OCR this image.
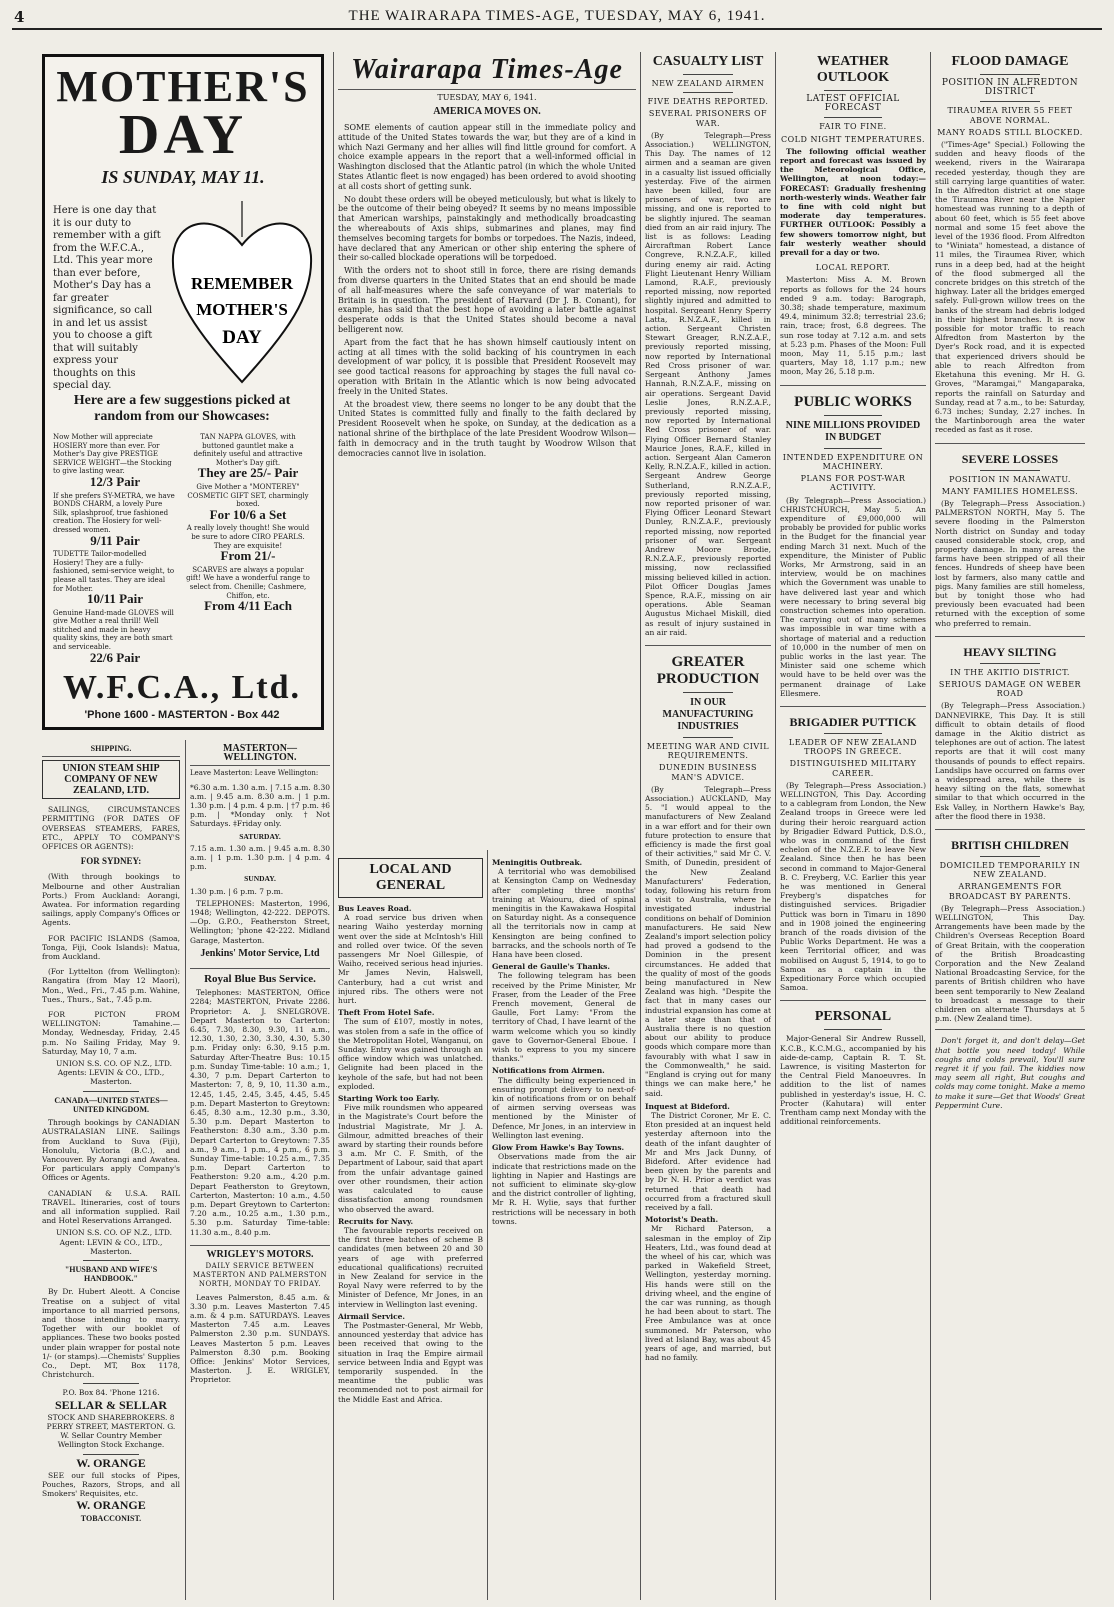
4	THE WAIRARAPA TIMES-AGE, TUESDAY, MAY 6, 1941.
MOTHER'S
DAY
IS SUNDAY, MAY 11.
Here is one day that it is our duty to remember with a gift from the W.F.C.A., Ltd. This year more than ever before, Mother's Day has a far greater significance, so call in and let us assist you to choose a gift that will suitably express your thoughts on this special day.
REMEMBER
MOTHER'S
DAY
Here are a few suggestions picked at random from our Showcases:
Now Mother will appreciate HOSIERY more than ever. For Mother's Day give PRESTIGE SERVICE WEIGHT—the Stocking to give lasting wear.
12/3 Pair
If she prefers SY-METRA, we have BONDS CHARM, a lovely Pure Silk, splashproof, true fashioned creation. The Hosiery for well-dressed women.
9/11 Pair
TUDETTE Tailor-modelled Hosiery! They are a fully-fashioned, semi-service weight, to please all tastes. They are ideal for Mother.
10/11 Pair
Genuine Hand-made GLOVES will give Mother a real thrill! Well stitched and made in heavy quality skins, they are both smart and serviceable.
22/6 Pair
TAN NAPPA GLOVES, with buttoned gauntlet make a definitely useful and attractive Mother's Day gift.
They are 25/- Pair
Give Mother a "MONTEREY" COSMETIC GIFT SET, charmingly boxed.
For 10/6 a Set
A really lovely thought! She would be sure to adore CIRO PEARLS. They are exquisite!
From 21/-
SCARVES are always a popular gift! We have a wonderful range to select from. Chenille; Cashmere, Chiffon, etc.
From 4/11 Each
W.F.C.A., Ltd.
'Phone 1600 - MASTERTON - Box 442
SHIPPING.
UNION STEAM SHIP COMPANY OF NEW ZEALAND, LTD.

SAILINGS, CIRCUMSTANCES PERMITTING (FOR DATES OF OVERSEAS STEAMERS, FARES, ETC., APPLY TO COMPANY'S OFFICES OR AGENTS):

FOR SYDNEY:

(With through bookings to Melbourne and other Australian Ports.) From Auckland: Aorangi, Awatea. For information regarding sailings, apply Company's Offices or Agents.

FOR PACIFIC ISLANDS (Samoa, Tonga, Fiji, Cook Islands): Matua, from Auckland.

(For Lyttelton (from Wellington): Rangatira (from May 12 Maori), Mon., Wed., Fri., 7.45 p.m. Wahine, Tues., Thurs., Sat., 7.45 p.m.

FOR PICTON FROM WELLINGTON: Tamahine.—Monday, Wednesday, Friday, 2.45 p.m. No Sailing Friday, May 9. Saturday, May 10, 7 a.m.

UNION S.S. CO. OF N.Z., LTD. Agents: LEVIN & CO., LTD., Masterton.

CANADA—UNITED STATES—UNITED KINGDOM.

Through bookings by CANADIAN AUSTRALASIAN LINE. Sailings from Auckland to Suva (Fiji), Honolulu, Victoria (B.C.), and Vancouver. By Aorangi and Awatea. For particulars apply Company's Offices or Agents.

CANADIAN & U.S.A. RAIL TRAVEL. Itineraries, cost of tours and all information supplied. Rail and Hotel Reservations Arranged.

UNION S.S. CO. OF N.Z., LTD. Agent: LEVIN & CO., LTD., Masterton.

"HUSBAND AND WIFE'S HANDBOOK."

By Dr. Hubert Aleott. A Concise Treatise on a subject of vital importance to all married persons, and those intending to marry. Together with our booklet of appliances. These two books posted under plain wrapper for postal note 1/- (or stamps).—Chemists' Supplies Co., Dept. MT, Box 1178, Christchurch.

P.O. Box 84. 'Phone 1216.
SELLAR & SELLAR

STOCK AND SHAREBROKERS. 8 PERRY STREET, MASTERTON. G. W. Sellar Country Member Wellington Stock Exchange.

W. ORANGE

SEE our full stocks of Pipes, Pouches, Razors, Strops, and all Smokers' Requisites, etc.

W. ORANGE
TOBACCONIST.
MASTERTON—WELLINGTON.
Leave Masterton: Leave Wellington:

*6.30 a.m. 1.30 a.m. | 7.15 a.m. 8.30 a.m. | 9.45 a.m. 8.30 a.m. | 1 p.m. 1.30 p.m. | 4 p.m. 4 p.m. | †7 p.m. ‡6 p.m. | *Monday only. †Not Saturdays. ‡Friday only.

SATURDAY.

7.15 a.m. 1.30 a.m. | 9.45 a.m. 8.30 a.m. | 1 p.m. 1.30 p.m. | 4 p.m. 4 p.m.

SUNDAY.

1.30 p.m. | 6 p.m. 7 p.m.

TELEPHONES: Masterton, 1996, 1948; Wellington, 42-222. DEPOTS.—Op. G.P.O., Featherston Street, Wellington; 'phone 42-222. Midland Garage, Masterton.

Jenkins' Motor Service, Ltd
Royal Blue Bus Service.

Telephones: MASTERTON, Office 2284; MASTERTON, Private 2286. Proprietor: A. J. SNELGROVE. Depart Masterton to Carterton: 6.45, 7.30, 8.30, 9.30, 11 a.m., 12.30, 1.30, 2.30, 3.30, 4.30, 5.30 p.m. Friday only: 6.30, 9.15 p.m. Saturday After-Theatre Bus: 10.15 p.m. Sunday Time-table: 10 a.m.; 1, 4.30, 7 p.m. Depart Carterton to Masterton: 7, 8, 9, 10, 11.30 a.m., 12.45, 1.45, 2.45, 3.45, 4.45, 5.45 p.m. Depart Masterton to Greytown: 6.45, 8.30 a.m., 12.30 p.m., 3.30, 5.30 p.m. Depart Masterton to Featherston: 8.30 a.m., 3.30 p.m. Depart Carterton to Greytown: 7.35 a.m., 9 a.m., 1 p.m., 4 p.m., 6 p.m. Sunday Time-table: 10.25 a.m., 7.35 p.m. Depart Carterton to Featherston: 9.20 a.m., 4.20 p.m. Depart Featherston to Greytown, Carterton, Masterton: 10 a.m., 4.50 p.m. Depart Greytown to Carterton: 7.20 a.m., 10.25 a.m., 1.30 p.m., 5.30 p.m. Saturday Time-table: 11.30 a.m., 8.40 p.m.

WRIGLEY'S MOTORS.
DAILY SERVICE BETWEEN MASTERTON AND PALMERSTON NORTH, MONDAY TO FRIDAY.

Leaves Palmerston, 8.45 a.m. & 3.30 p.m. Leaves Masterton 7.45 a.m. & 4 p.m. SATURDAYS. Leaves Masterton 7.45 a.m. Leaves Palmerston 2.30 p.m. SUNDAYS. Leaves Masterton 5 p.m. Leaves Palmerston 8.30 p.m. Booking Office: Jenkins' Motor Services, Masterton. J. E. WRIGLEY, Proprietor.

Wairarapa Times-Age
TUESDAY, MAY 6, 1941.
AMERICA MOVES ON.

SOME elements of caution appear still in the immediate policy and attitude of the United States towards the war, but they are of a kind in which Nazi Germany and her allies will find little ground for comfort. A choice example appears in the report that a well-informed official in Washington disclosed that the Atlantic patrol (in which the whole United States Atlantic fleet is now engaged) has been ordered to avoid shooting at all costs short of getting sunk.

No doubt these orders will be obeyed meticulously, but what is likely to be the outcome of their being obeyed? It seems by no means impossible that American warships, painstakingly and methodically broadcasting the whereabouts of Axis ships, submarines and planes, may find themselves becoming targets for bombs or torpedoes. The Nazis, indeed, have declared that any American or other ship entering the sphere of their so-called blockade operations will be torpedoed.

With the orders not to shoot still in force, there are rising demands from diverse quarters in the United States that an end should be made of all half-measures where the safe conveyance of war materials to Britain is in question. The president of Harvard (Dr J. B. Conant), for example, has said that the best hope of avoiding a later battle against desperate odds is that the United States should become a naval belligerent now.

Apart from the fact that he has shown himself cautiously intent on acting at all times with the solid backing of his countrymen in each development of war policy, it is possible that President Roosevelt may see good tactical reasons for approaching by stages the full naval co-operation with Britain in the Atlantic which is now being advocated freely in the United States.

At the broadest view, there seems no longer to be any doubt that the United States is committed fully and finally to the faith declared by President Roosevelt when he spoke, on Sunday, at the dedication as a national shrine of the birthplace of the late President Woodrow Wilson—faith in democracy and in the truth taught by Woodrow Wilson that democracies cannot live in isolation.

LOCAL AND GENERAL
Bus Leaves Road.

A road service bus driven when nearing Waiho yesterday morning went over the side at McIntosh's Hill and rolled over twice. Of the seven passengers Mr Noel Gillespie, of Waiho, received serious head injuries. Mr James Nevin, Halswell, Canterbury, had a cut wrist and injured ribs. The others were not hurt.

Theft From Hotel Safe.

The sum of £107, mostly in notes, was stolen from a safe in the office of the Metropolitan Hotel, Wanganui, on Sunday. Entry was gained through an office window which was unlatched. Gelignite had been placed in the keyhole of the safe, but had not been exploded.

Starting Work too Early.

Five milk roundsmen who appeared in the Magistrate's Court before the Industrial Magistrate, Mr J. A. Gilmour, admitted breaches of their award by starting their rounds before 3 a.m. Mr C. F. Smith, of the Department of Labour, said that apart from the unfair advantage gained over other roundsmen, their action was calculated to cause dissatisfaction among roundsmen who observed the award.

Recruits for Navy.

The favourable reports received on the first three batches of scheme B candidates (men between 20 and 30 years of age with preferred educational qualifications) recruited in New Zealand for service in the Royal Navy were referred to by the Minister of Defence, Mr Jones, in an interview in Wellington last evening.

Airmail Service.

The Postmaster-General, Mr Webb, announced yesterday that advice has been received that owing to the situation in Iraq the Empire airmail service between India and Egypt was temporarily suspended. In the meantime the public was recommended not to post airmail for the Middle East and Africa.

Meningitis Outbreak.

A territorial who was demobilised at Kensington Camp on Wednesday after completing three months' training at Waiouru, died of spinal meningitis in the Kawakawa Hospital on Saturday night. As a consequence all the territorials now in camp at Kensington are being confined to barracks, and the schools north of Te Hana have been closed.

General de Gaulle's Thanks.

The following telegram has been received by the Prime Minister, Mr Fraser, from the Leader of the Free French movement, General de Gaulle, Fort Lamy: "From the territory of Chad, I have learnt of the warm welcome which you so kindly gave to Governor-General Eboue. I wish to express to you my sincere thanks."

Notifications from Airmen.

The difficulty being experienced in ensuring prompt delivery to next-of-kin of notifications from or on behalf of airmen serving overseas was mentioned by the Minister of Defence, Mr Jones, in an interview in Wellington last evening.

Glow From Hawke's Bay Towns.

Observations made from the air indicate that restrictions made on the lighting in Napier and Hastings are not sufficient to eliminate sky-glow and the district controller of lighting, Mr R. H. Wylie, says that further restrictions will be necessary in both towns.

CASUALTY LIST
NEW ZEALAND AIRMEN
FIVE DEATHS REPORTED.
SEVERAL PRISONERS OF WAR.

(By Telegraph—Press Association.) WELLINGTON, This Day. The names of 12 airmen and a seaman are given in a casualty list issued officially yesterday. Five of the airmen have been killed, four are prisoners of war, two are missing, and one is reported to be slightly injured. The seaman died from an air raid injury. The list is as follows: Leading Aircraftman Robert Lance Congreve, R.N.Z.A.F., killed during enemy air raid. Acting Flight Lieutenant Henry William Lamond, R.A.F., previously reported missing, now reported slightly injured and admitted to hospital. Sergeant Henry Sperry Latta, R.N.Z.A.F., killed in action. Sergeant Christen Stewart Greager, R.N.Z.A.F., previously reported missing, now reported by International Red Cross prisoner of war. Sergeant Anthony James Hannah, R.N.Z.A.F., missing on air operations. Sergeant David Leslie Jones, R.N.Z.A.F., previously reported missing, now reported by International Red Cross prisoner of war. Flying Officer Bernard Stanley Maurice Jones, R.A.F., killed in action. Sergeant Alan Cameron Kelly, R.N.Z.A.F., killed in action. Sergeant Andrew George Sutherland, R.N.Z.A.F., previously reported missing, now reported prisoner of war. Flying Officer Leonard Stewart Dunley, R.N.Z.A.F., previously reported missing, now reported prisoner of war. Sergeant Andrew Moore Brodie, R.N.Z.A.F., previously reported missing, now reclassified missing believed killed in action. Pilot Officer Douglas James Spence, R.A.F., missing on air operations. Able Seaman Augustus Michael Miskill, died as result of injury sustained in an air raid.

GREATER PRODUCTION
IN OUR MANUFACTURING INDUSTRIES
MEETING WAR AND CIVIL REQUIREMENTS.
DUNEDIN BUSINESS MAN'S ADVICE.

(By Telegraph—Press Association.) AUCKLAND, May 5. "I would appeal to the manufacturers of New Zealand in a war effort and for their own future protection to ensure that efficiency is made the first goal of their activities," said Mr C. V. Smith, of Dunedin, president of the New Zealand Manufacturers' Federation, today, following his return from a visit to Australia, where he investigated industrial conditions on behalf of Dominion manufacturers. He said New Zealand's import selection policy had proved a godsend to the Dominion in the present circumstances. He added that the quality of most of the goods being manufactured in New Zealand was high. "Despite the fact that in many cases our industrial expansion has come at a later stage than that of Australia there is no question about our ability to produce goods which compare more than favourably with what I saw in the Commonwealth," he said. "England is crying out for many things we can make here," he said.

Inquest at Bideford.

The District Coroner, Mr E. C. Eton presided at an inquest held yesterday afternoon into the death of the infant daughter of Mr and Mrs Jack Dunny, of Bideford. After evidence had been given by the parents and by Dr N. H. Prior a verdict was returned that death had occurred from a fractured skull received by a fall.

Motorist's Death.

Mr Richard Paterson, a salesman in the employ of Zip Heaters, Ltd., was found dead at the wheel of his car, which was parked in Wakefield Street, Wellington, yesterday morning. His hands were still on the driving wheel, and the engine of the car was running, as though he had been about to start. The Free Ambulance was at once summoned. Mr Paterson, who lived at Island Bay, was about 45 years of age, and married, but had no family.

WEATHER OUTLOOK
LATEST OFFICIAL FORECAST
FAIR TO FINE.
COLD NIGHT TEMPERATURES.

The following official weather report and forecast was issued by the Meteorological Office, Wellington, at noon today:— FORECAST: Gradually freshening north-westerly winds. Weather fair to fine with cold night but moderate day temperatures. FURTHER OUTLOOK: Possibly a few showers tomorrow night, but fair westerly weather should prevail for a day or two.

LOCAL REPORT.

Masterton: Miss A. M. Brown reports as follows for the 24 hours ended 9 a.m. today: Barograph, 30.38; shade temperature, maximum 49.4, minimum 32.8; terrestrial 23.6; rain, trace; frost, 6.8 degrees. The sun rose today at 7.12 a.m. and sets at 5.23 p.m. Phases of the Moon: Full moon, May 11, 5.15 p.m.; last quarters, May 18, 1.17 p.m.; new moon, May 26, 5.18 p.m.

PUBLIC WORKS
NINE MILLIONS PROVIDED IN BUDGET
INTENDED EXPENDITURE ON MACHINERY.
PLANS FOR POST-WAR ACTIVITY.

(By Telegraph—Press Association.) CHRISTCHURCH, May 5. An expenditure of £9,000,000 will probably be provided for public works in the Budget for the financial year ending March 31 next. Much of the expenditure, the Minister of Public Works, Mr Armstrong, said in an interview, would be on machines which the Government was unable to have delivered last year and which were necessary to bring several big construction schemes into operation. The carrying out of many schemes was impossible in war time with a shortage of material and a reduction of 10,000 in the number of men on public works in the last year. The Minister said one scheme which would have to be held over was the permanent drainage of Lake Ellesmere.

BRIGADIER PUTTICK
LEADER OF NEW ZEALAND TROOPS IN GREECE.
DISTINGUISHED MILITARY CAREER.

(By Telegraph—Press Association.) WELLINGTON, This Day. According to a cablegram from London, the New Zealand troops in Greece were led during their heroic rearguard action by Brigadier Edward Puttick, D.S.O., who was in command of the first echelon of the N.Z.E.F. to leave New Zealand. Since then he has been second in command to Major-General B. C. Freyberg, V.C. Earlier this year he was mentioned in General Freyberg's dispatches for distinguished services. Brigadier Puttick was born in Timaru in 1890 and in 1908 joined the engineering branch of the roads division of the Public Works Department. He was a keen Territorial officer, and was mobilised on August 5, 1914, to go to Samoa as a captain in the Expeditionary Force which occupied Samoa.

PERSONAL

Major-General Sir Andrew Russell, K.C.B., K.C.M.G., accompanied by his aide-de-camp, Captain R. T. St. Lawrence, is visiting Masterton for the Central Field Manoeuvres. In addition to the list of names published in yesterday's issue, H. C. Procter (Kahutara) will enter Trentham camp next Monday with the additional reinforcements.

FLOOD DAMAGE
POSITION IN ALFREDTON DISTRICT
TIRAUMEA RIVER 55 FEET ABOVE NORMAL.
MANY ROADS STILL BLOCKED.

("Times-Age" Special.) Following the sudden and heavy floods of the weekend, rivers in the Wairarapa receded yesterday, though they are still carrying large quantities of water. In the Alfredton district at one stage the Tiraumea River near the Napier homestead was running to a depth of about 60 feet, which is 55 feet above normal and some 15 feet above the level of the 1936 flood. From Alfredton to "Winiata" homestead, a distance of 11 miles, the Tiraumea River, which runs in a deep bed, had at the height of the flood submerged all the concrete bridges on this stretch of the highway. Later all the bridges emerged safely. Full-grown willow trees on the banks of the stream had debris lodged in their highest branches. It is now possible for motor traffic to reach Alfredton from Masterton by the Dyer's Rock road, and it is expected that experienced drivers should be able to reach Alfredton from Eketahuna this evening. Mr H. G. Groves, "Maramgai," Mangaparaka, reports the rainfall on Saturday and Sunday, read at 7 a.m., to be: Saturday, 6.73 inches; Sunday, 2.27 inches. In the Martinborough area the water receded as fast as it rose.

SEVERE LOSSES
POSITION IN MANAWATU.
MANY FAMILIES HOMELESS.

(By Telegraph—Press Association.) PALMERSTON NORTH, May 5. The severe flooding in the Palmerston North district on Sunday and today caused considerable stock, crop, and property damage. In many areas the farms have been stripped of all their fences. Hundreds of sheep have been lost by farmers, also many cattle and pigs. Many families are still homeless, but by tonight those who had previously been evacuated had been returned with the exception of some who preferred to remain.

HEAVY SILTING
IN THE AKITIO DISTRICT.
SERIOUS DAMAGE ON WEBER ROAD

(By Telegraph—Press Association.) DANNEVIRKE, This Day. It is still difficult to obtain details of flood damage in the Akitio district as telephones are out of action. The latest reports are that it will cost many thousands of pounds to effect repairs. Landslips have occurred on farms over a widespread area, while there is heavy silting on the flats, somewhat similar to that which occurred in the Esk Valley, in Northern Hawke's Bay, after the flood there in 1938.

BRITISH CHILDREN
DOMICILED TEMPORARILY IN NEW ZEALAND.
ARRANGEMENTS FOR BROADCAST BY PARENTS.

(By Telegraph—Press Association.) WELLINGTON, This Day. Arrangements have been made by the Children's Overseas Reception Board of Great Britain, with the cooperation of the British Broadcasting Corporation and the New Zealand National Broadcasting Service, for the parents of British children who have been sent temporarily to New Zealand to broadcast a message to their children on alternate Thursdays at 5 p.m. (New Zealand time).

Don't forget it, and don't delay—Get that bottle you need today! While coughs and colds prevail, You'll sure regret it if you fail. The kiddies now may seem all right, But coughs and colds may come tonight. Make a memo to make it sure—Get that Woods' Great Peppermint Cure.
